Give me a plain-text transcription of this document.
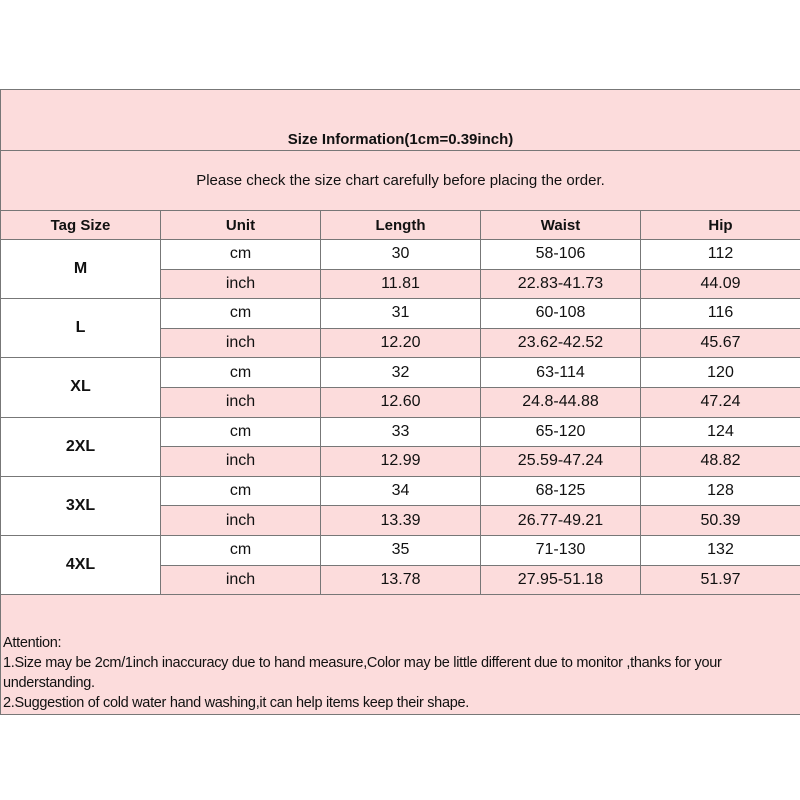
Size Information(1cm=0.39inch)				
Please check the size chart carefully before placing the order.				
Tag Size	Unit	Length	Waist	Hip
M	cm	30	58-106	112
	inch	11.81	22.83-41.73	44.09
L	cm	31	60-108	116
	inch	12.20	23.62-42.52	45.67
XL	cm	32	63-114	120
	inch	12.60	24.8-44.88	47.24
2XL	cm	33	65-120	124
	inch	12.99	25.59-47.24	48.82
3XL	cm	34	68-125	128
	inch	13.39	26.77-49.21	50.39
4XL	cm	35	71-130	132
	inch	13.78	27.95-51.18	51.97

Attention:
1.Size may be 2cm/1inch inaccuracy due to hand measure,Color may be little different due to monitor ,thanks for your understanding.
2.Suggestion of cold water hand washing,it can help items keep their shape.				
